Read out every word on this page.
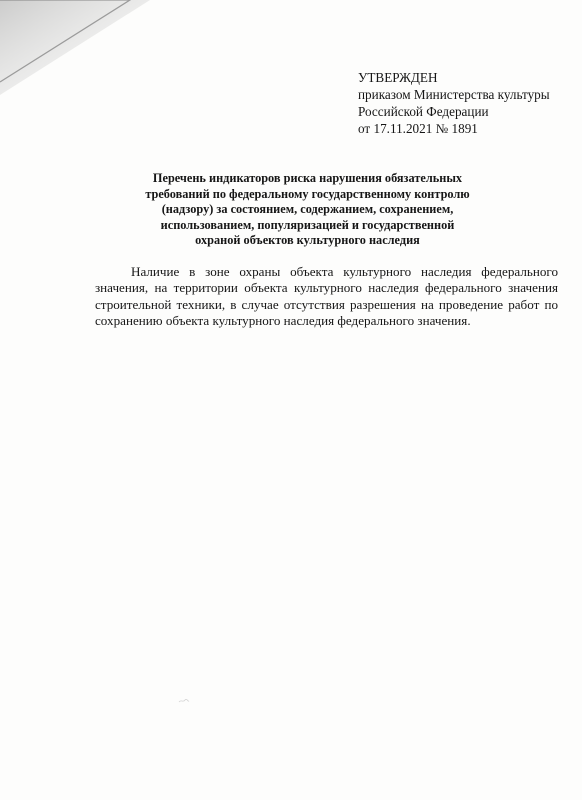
УТВЕРЖДЕН
приказом Министерства культуры
Российской Федерации
от 17.11.2021 № 1891
Перечень индикаторов риска нарушения обязательных
требований по федеральному государственному контролю
(надзору) за состоянием, содержанием, сохранением,
использованием, популяризацией и государственной
охраной объектов культурного наследия
Наличие в зоне охраны объекта культурного наследия федерального
значения, на территории объекта культурного наследия федерального значения
строительной техники, в случае отсутствия разрешения на проведение работ по
сохранению объекта культурного наследия федерального значения.
